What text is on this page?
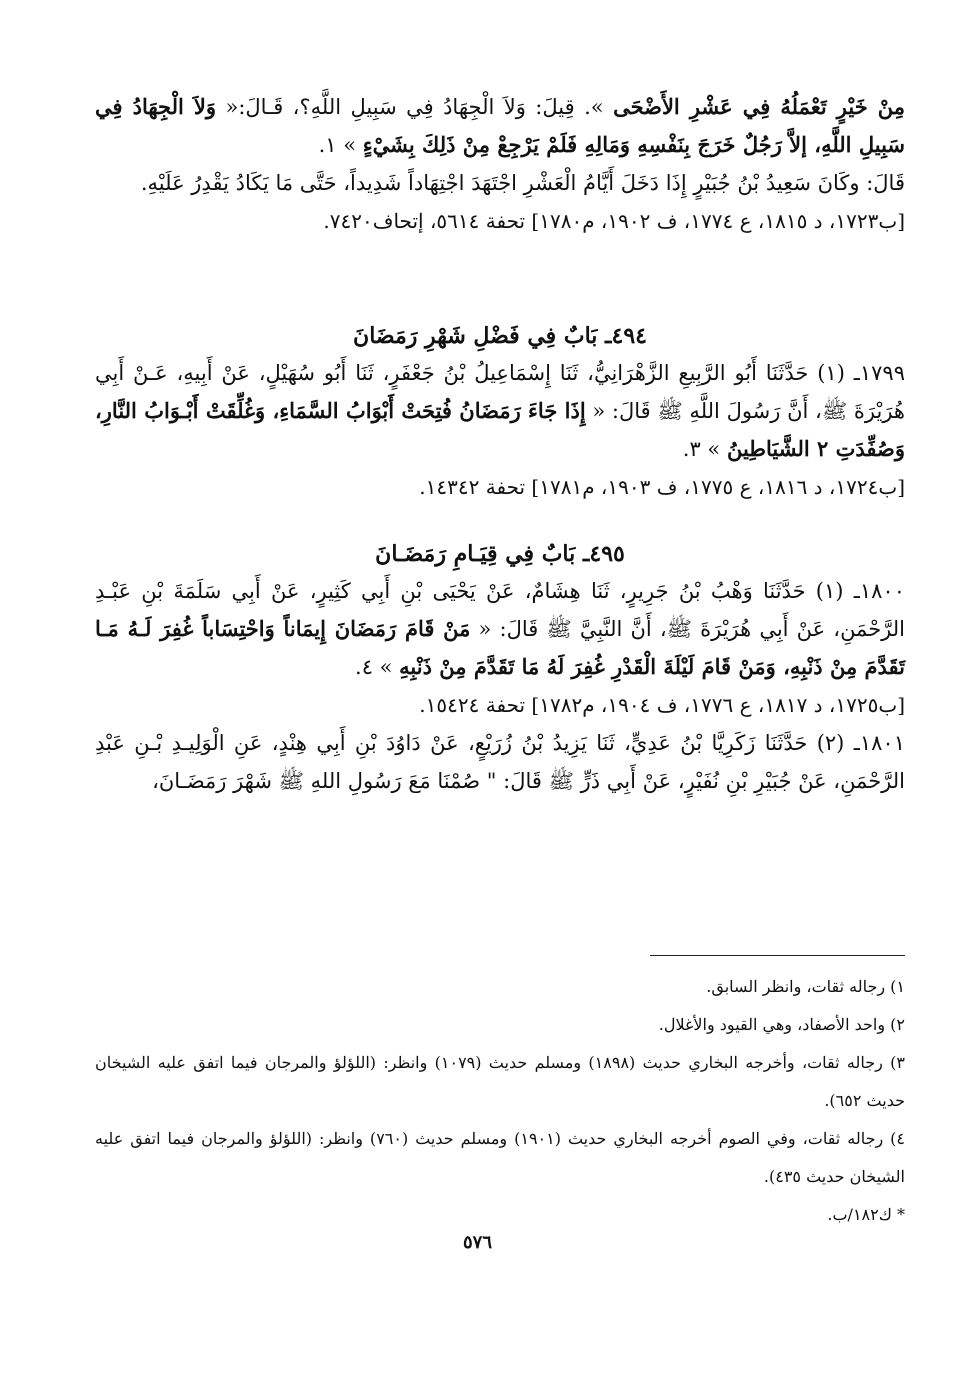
مِنْ خَيْرٍ تَعْمَلُهُ فِي عَشْرِ الأَضْحَى ». قِيلَ: وَلاَ الْجِهَادُ فِي سَبِيلِ اللَّهِ؟، قَـالَ:« وَلاَ الْجِهَادُ فِي سَبِيلِ اللَّهِ، إلاَّ رَجُلٌ خَرَجَ بِنَفْسِهِ وَمَالِهِ فَلَمْ يَرْجِعْ مِنْ ذَلِكَ بِشَيْءٍ » ١.

قَالَ: وكَانَ سَعِيدُ بْنُ جُبَيْرٍ إِذَا دَخَلَ أَيَّامُ الْعَشْرِ اجْتَهَدَ اجْتِهَاداً شَدِيداً، حَتَّى مَا يَكَادُ يَقْدِرُ عَلَيْهِ.

[ب١٧٢٣، د ١٨١٥، ع ١٧٧٤، ف ١٩٠٢، م١٧٨٠] تحفة ٥٦١٤، إتحاف٧٤٢٠.

٤٩٤ـ بَابٌ فِي فَضْلِ شَهْرِ رَمَضَانَ

١٧٩٩ـ (١) حَدَّثَنَا أَبُو الرَّبِيعِ الزَّهْرَانِيُّ، ثَنَا إِسْمَاعِيلُ بْنُ جَعْفَرٍ، ثَنَا أَبُو سُهَيْلٍ، عَنْ أَبِيهِ، عَـنْ أَبِي هُرَيْرَةَ ﷺ، أَنَّ رَسُولَ اللَّهِ ﷺ قَالَ: « إِذَا جَاءَ رَمَضَانُ فُتِحَتْ أَبْوَابُ السَّمَاءِ، وَغُلِّقَتْ أَبْـوَابُ النَّارِ، وَصُفِّدَتِ ٢ الشَّيَاطِينُ » ٣.

[ب١٧٢٤، د ١٨١٦، ع ١٧٧٥، ف ١٩٠٣، م١٧٨١] تحفة ١٤٣٤٢.

٤٩٥ـ بَابٌ فِي قِيَـامِ رَمَضَـانَ

١٨٠٠ـ (١) حَدَّثَنَا وَهْبُ بْنُ جَرِيرٍ، ثَنَا هِشَامٌ، عَنْ يَحْيَى بْنِ أَبِي كَثِيرٍ، عَنْ أَبِي سَلَمَةَ بْنِ عَبْـدِ الرَّحْمَنِ، عَنْ أَبِي هُرَيْرَةَ ﷺ، أَنَّ النَّبِيَّ ﷺ قَالَ: « مَنْ قَامَ رَمَضَانَ إِيمَاناً وَاحْتِسَاباً غُفِرَ لَـهُ مَـا تَقَدَّمَ مِنْ ذَنْبِهِ، وَمَنْ قَامَ لَيْلَةَ الْقَدْرِ غُفِرَ لَهُ مَا تَقَدَّمَ مِنْ ذَنْبِهِ » ٤.

[ب١٧٢٥، د ١٨١٧، ع ١٧٧٦، ف ١٩٠٤، م١٧٨٢] تحفة ١٥٤٢٤.

١٨٠١ـ (٢) حَدَّثَنَا زَكَرِيَّا بْنُ عَدِيٍّ، ثَنَا يَزِيدُ بْنُ زُرَيْعٍ، عَنْ دَاوُدَ بْنِ أَبِي هِنْدٍ، عَنِ الْوَلِيـدِ بْـنِ عَبْدِ الرَّحْمَنِ، عَنْ جُبَيْرِ بْنِ نُفَيْرٍ، عَنْ أَبِي ذَرٍّ ﷺ قَالَ: " صُمْنَا مَعَ رَسُولِ اللهِ ﷺ شَهْرَ رَمَضَـانَ،

١) رجاله ثقات، وانظر السابق.

٢) واحد الأصفاد، وهي القيود والأغلال.

٣) رجاله ثقات، وأخرجه البخاري حديث (١٨٩٨) ومسلم حديث (١٠٧٩) وانظر: (اللؤلؤ والمرجان فيما اتفق عليه الشيخان حديث ٦٥٢).

٤) رجاله ثقات، وفي الصوم أخرجه البخاري حديث (١٩٠١) ومسلم حديث (٧٦٠) وانظر: (اللؤلؤ والمرجان فيما اتفق عليه الشيخان حديث ٤٣٥).

* ك١٨٢/ب.

٥٧٦
